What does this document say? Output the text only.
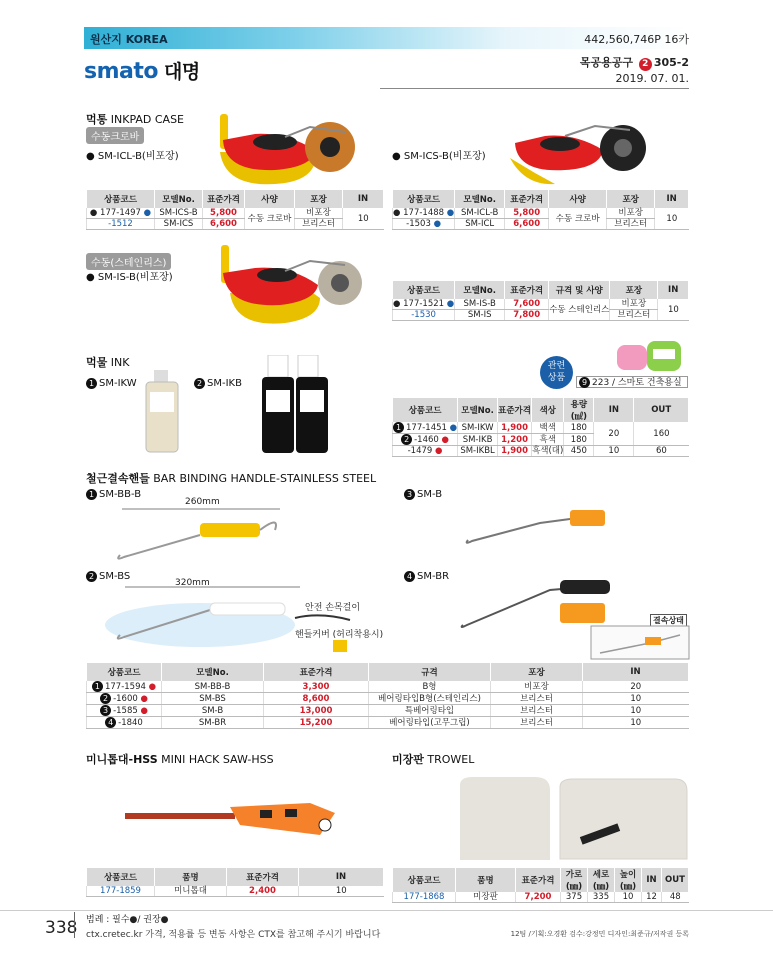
원산지 KOREA	442,560,746P 16카
smato 대명	목공용공구 2 305-2
2019. 07. 01.
먹통 INKPAD CASE
수동크로바
● SM-ICL-B(비포장)	● SM-ICS-B(비포장)
상품코드	모델No.	표준가격	사양	포장	IN
● 177-1497 ●	SM-ICS-B	5,800	수동 크로바	비포장	10
-1512	SM-ICS	6,600		브리스터	
상품코드	모델No.	표준가격	사양	포장	IN
● 177-1488 ●	SM-ICL-B	5,800	수동 크로바	비포장	10
-1503 ●	SM-ICL	6,600		브리스터	
수동(스테인리스)
● SM-IS-B(비포장)
상품코드	모델No.	표준가격	규격 및 사양	포장	IN
● 177-1521 ●	SM-IS-B	7,600	수동 스테인리스	비포장	10
-1530	SM-IS	7,800		브리스터	
먹물 INK
1 SM-IKW	2 SM-IKB
관련
상품	9 223 / 스마토 건축용실
상품코드	모델No.	표준가격	색상	용량 (㎖)	IN	OUT
1 177-1451 ●	SM-IKW	1,900	백색	180	20	160
2 -1460 ●	SM-IKB	1,200	흑색	180		
-1479 ●	SM-IKBL	1,900	흑색(대)	450	10	60
철근결속핸들 BAR BINDING HANDLE-STAINLESS STEEL
1 SM-BB-B	3 SM-B
2 SM-BS	4 SM-BR
260mm
320mm
안전 손목걸이
핸들커버 (허리착용시)
결속상태
상품코드	모델No.	표준가격	규격	포장	IN
1 177-1594 ●	SM-BB-B	3,300	B형	비포장	20
2 -1600 ●	SM-BS	8,600	베어링타입B형(스테인리스)	브리스터	10
3 -1585 ●	SM-B	13,000	특베어링타입	브리스터	10
4 -1840	SM-BR	15,200	베어링타입(고무그립)	브리스터	10
미니톱대-HSS MINI HACK SAW-HSS
상품코드	품명	표준가격	IN
177-1859	미니톱대	2,400	10
미장판 TROWEL
상품코드	품명	표준가격	가로 (㎜)	세로 (㎜)	높이 (㎜)	IN	OUT
177-1868	미장판	7,200	375	335	10	12	48
338 범례 : 필수●/ 권장●
ctx.cretec.kr 가격, 적용률 등 변동 사항은 CTX를 참고해 주시기 바랍니다	12팀 /기획:오경환 검수:강정민 디자인:최준규/저작권 등록
